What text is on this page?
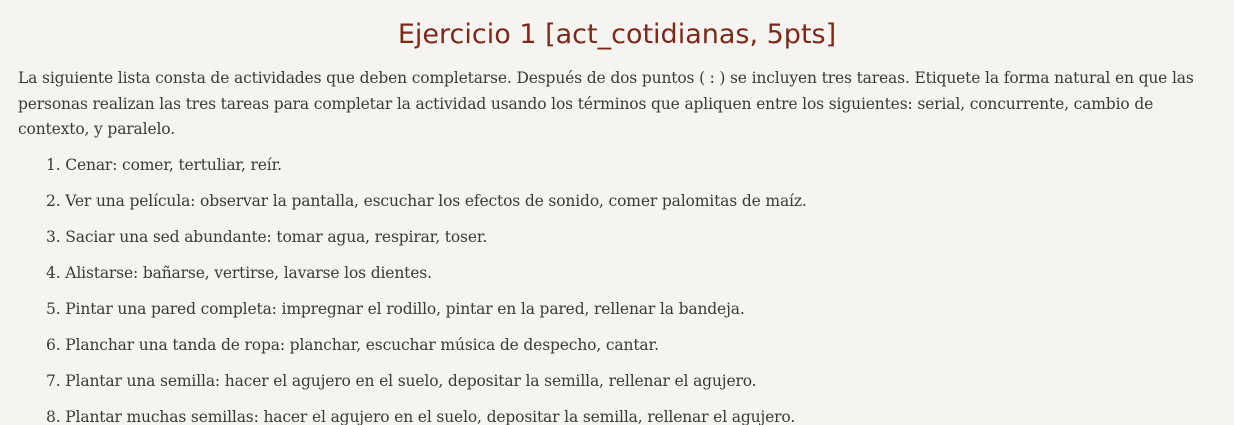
Ejercicio 1 [act_cotidianas, 5pts]

La siguiente lista consta de actividades que deben completarse. Después de dos puntos ( : ) se incluyen tres tareas. Etiquete la forma natural en que las personas realizan las tres tareas para completar la actividad usando los términos que apliquen entre los siguientes: serial, concurrente, cambio de contexto, y paralelo.

1. Cenar: comer, tertuliar, reír.
2. Ver una película: observar la pantalla, escuchar los efectos de sonido, comer palomitas de maíz.
3. Saciar una sed abundante: tomar agua, respirar, toser.
4. Alistarse: bañarse, vertirse, lavarse los dientes.
5. Pintar una pared completa: impregnar el rodillo, pintar en la pared, rellenar la bandeja.
6. Planchar una tanda de ropa: planchar, escuchar música de despecho, cantar.
7. Plantar una semilla: hacer el agujero en el suelo, depositar la semilla, rellenar el agujero.
8. Plantar muchas semillas: hacer el agujero en el suelo, depositar la semilla, rellenar el agujero.
